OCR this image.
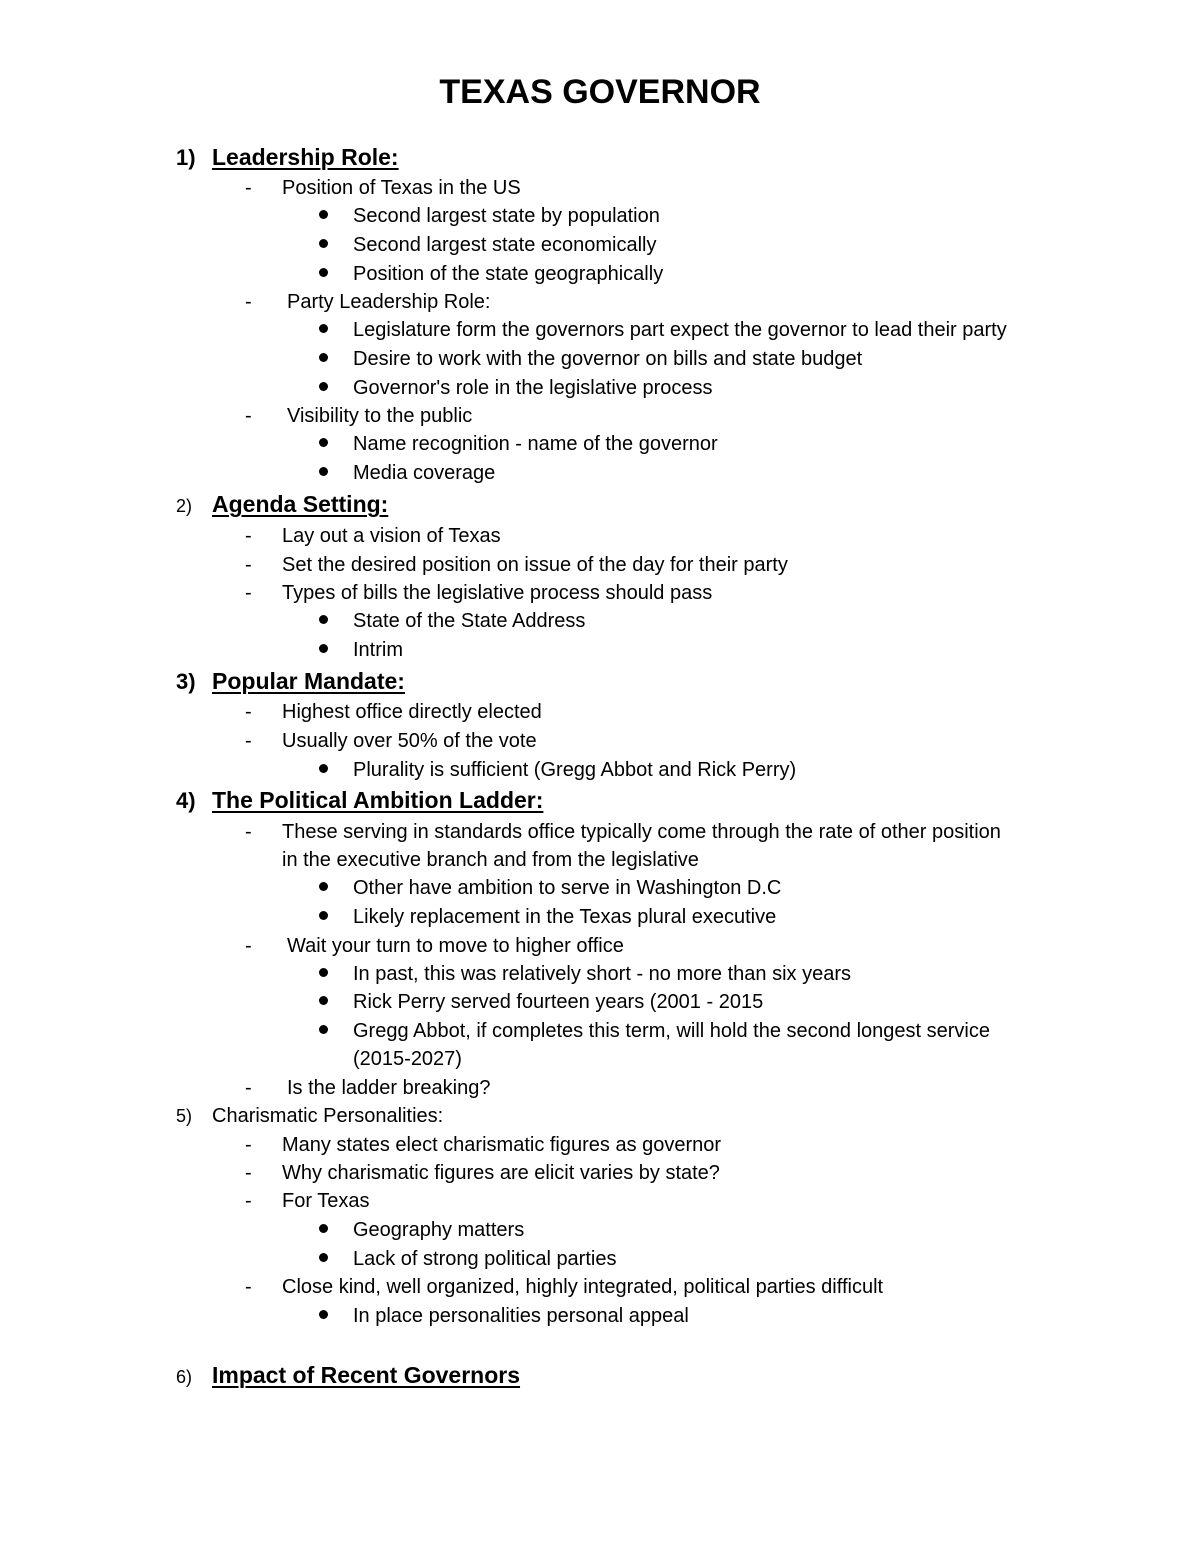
TEXAS GOVERNOR
1) Leadership Role:
- Position of Texas in the US
Second largest state by population
Second largest state economically
Position of the state geographically
- Party Leadership Role:
Legislature form the governors part expect the governor to lead their party
Desire to work with the governor on bills and state budget
Governor's role in the legislative process
- Visibility to the public
Name recognition - name of the governor
Media coverage
2) Agenda Setting:
- Lay out a vision of Texas
- Set the desired position on issue of the day for their party
- Types of bills the legislative process should pass
State of the State Address
Intrim
3) Popular Mandate:
- Highest office directly elected
- Usually over 50% of the vote
Plurality is sufficient (Gregg Abbot and Rick Perry)
4) The Political Ambition Ladder:
- These serving in standards office typically come through the rate of other position
in the executive branch and from the legislative
Other have ambition to serve in Washington D.C
Likely replacement in the Texas plural executive
- Wait your turn to move to higher office
In past, this was relatively short - no more than six years
Rick Perry served fourteen years (2001 - 2015
Gregg Abbot, if completes this term, will hold the second longest service
(2015-2027)
- Is the ladder breaking?
5) Charismatic Personalities:
- Many states elect charismatic figures as governor
- Why charismatic figures are elicit varies by state?
- For Texas
Geography matters
Lack of strong political parties
- Close kind, well organized, highly integrated, political parties difficult
In place personalities personal appeal
6) Impact of Recent Governors
